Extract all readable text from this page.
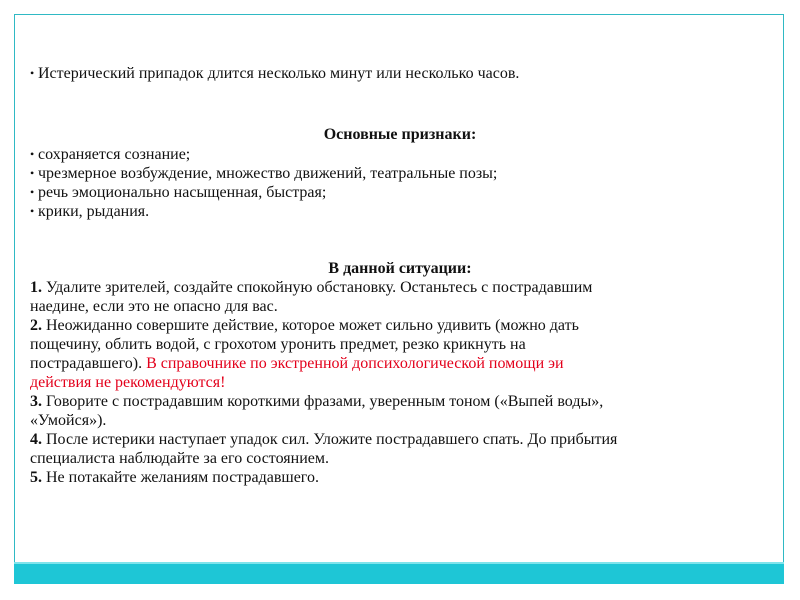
• Истерический припадок длится несколько минут или несколько часов.
Основные признаки:
• сохраняется сознание;
• чрезмерное возбуждение, множество движений, театральные позы;
• речь эмоционально насыщенная, быстрая;
• крики, рыдания.
В данной ситуации:
1. Удалите зрителей, создайте спокойную обстановку. Останьтесь с пострадавшим
наедине, если это не опасно для вас.
2. Неожиданно совершите действие, которое может сильно удивить (можно дать
пощечину, облить водой, с грохотом уронить предмет, резко крикнуть на
пострадавшего). В справочнике по экстренной допсихологической помощи эи
действия не рекомендуются!
3. Говорите с пострадавшим короткими фразами, уверенным тоном («Выпей воды»,
«Умойся»).
4. После истерики наступает упадок сил. Уложите пострадавшего спать. До прибытия
специалиста наблюдайте за его состоянием.
5. Не потакайте желаниям пострадавшего.
